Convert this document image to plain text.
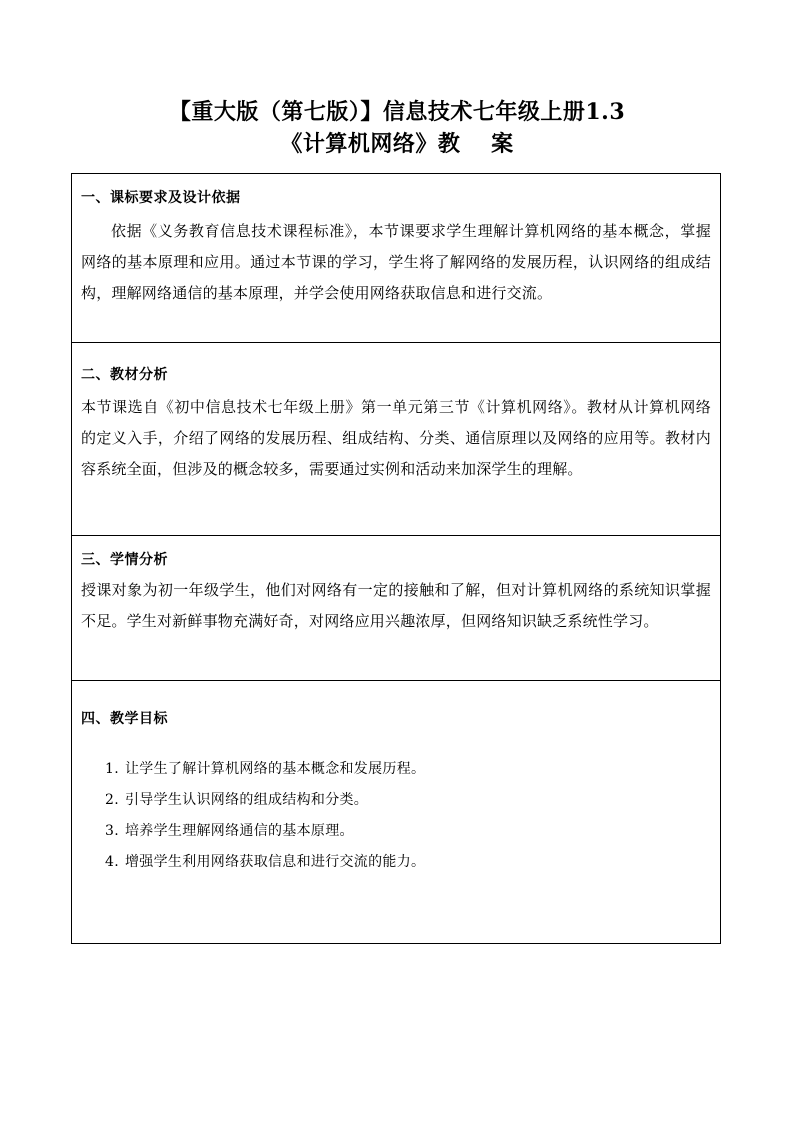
【重大版（第七版）】信息技术七年级上册1.3
《计算机网络》教　 案
一、课标要求及设计依据
依据《义务教育信息技术课程标准》，本节课要求学生理解计算机网络的基本概念，掌握网络的基本原理和应用。通过本节课的学习，学生将了解网络的发展历程，认识网络的组成结构，理解网络通信的基本原理，并学会使用网络获取信息和进行交流。
二、教材分析
本节课选自《初中信息技术七年级上册》第一单元第三节《计算机网络》。教材从计算机网络的定义入手，介绍了网络的发展历程、组成结构、分类、通信原理以及网络的应用等。教材内容系统全面，但涉及的概念较多，需要通过实例和活动来加深学生的理解。
三、学情分析
授课对象为初一年级学生，他们对网络有一定的接触和了解，但对计算机网络的系统知识掌握不足。学生对新鲜事物充满好奇，对网络应用兴趣浓厚，但网络知识缺乏系统性学习。
四、教学目标
1. 让学生了解计算机网络的基本概念和发展历程。
2. 引导学生认识网络的组成结构和分类。
3. 培养学生理解网络通信的基本原理。
4. 增强学生利用网络获取信息和进行交流的能力。
